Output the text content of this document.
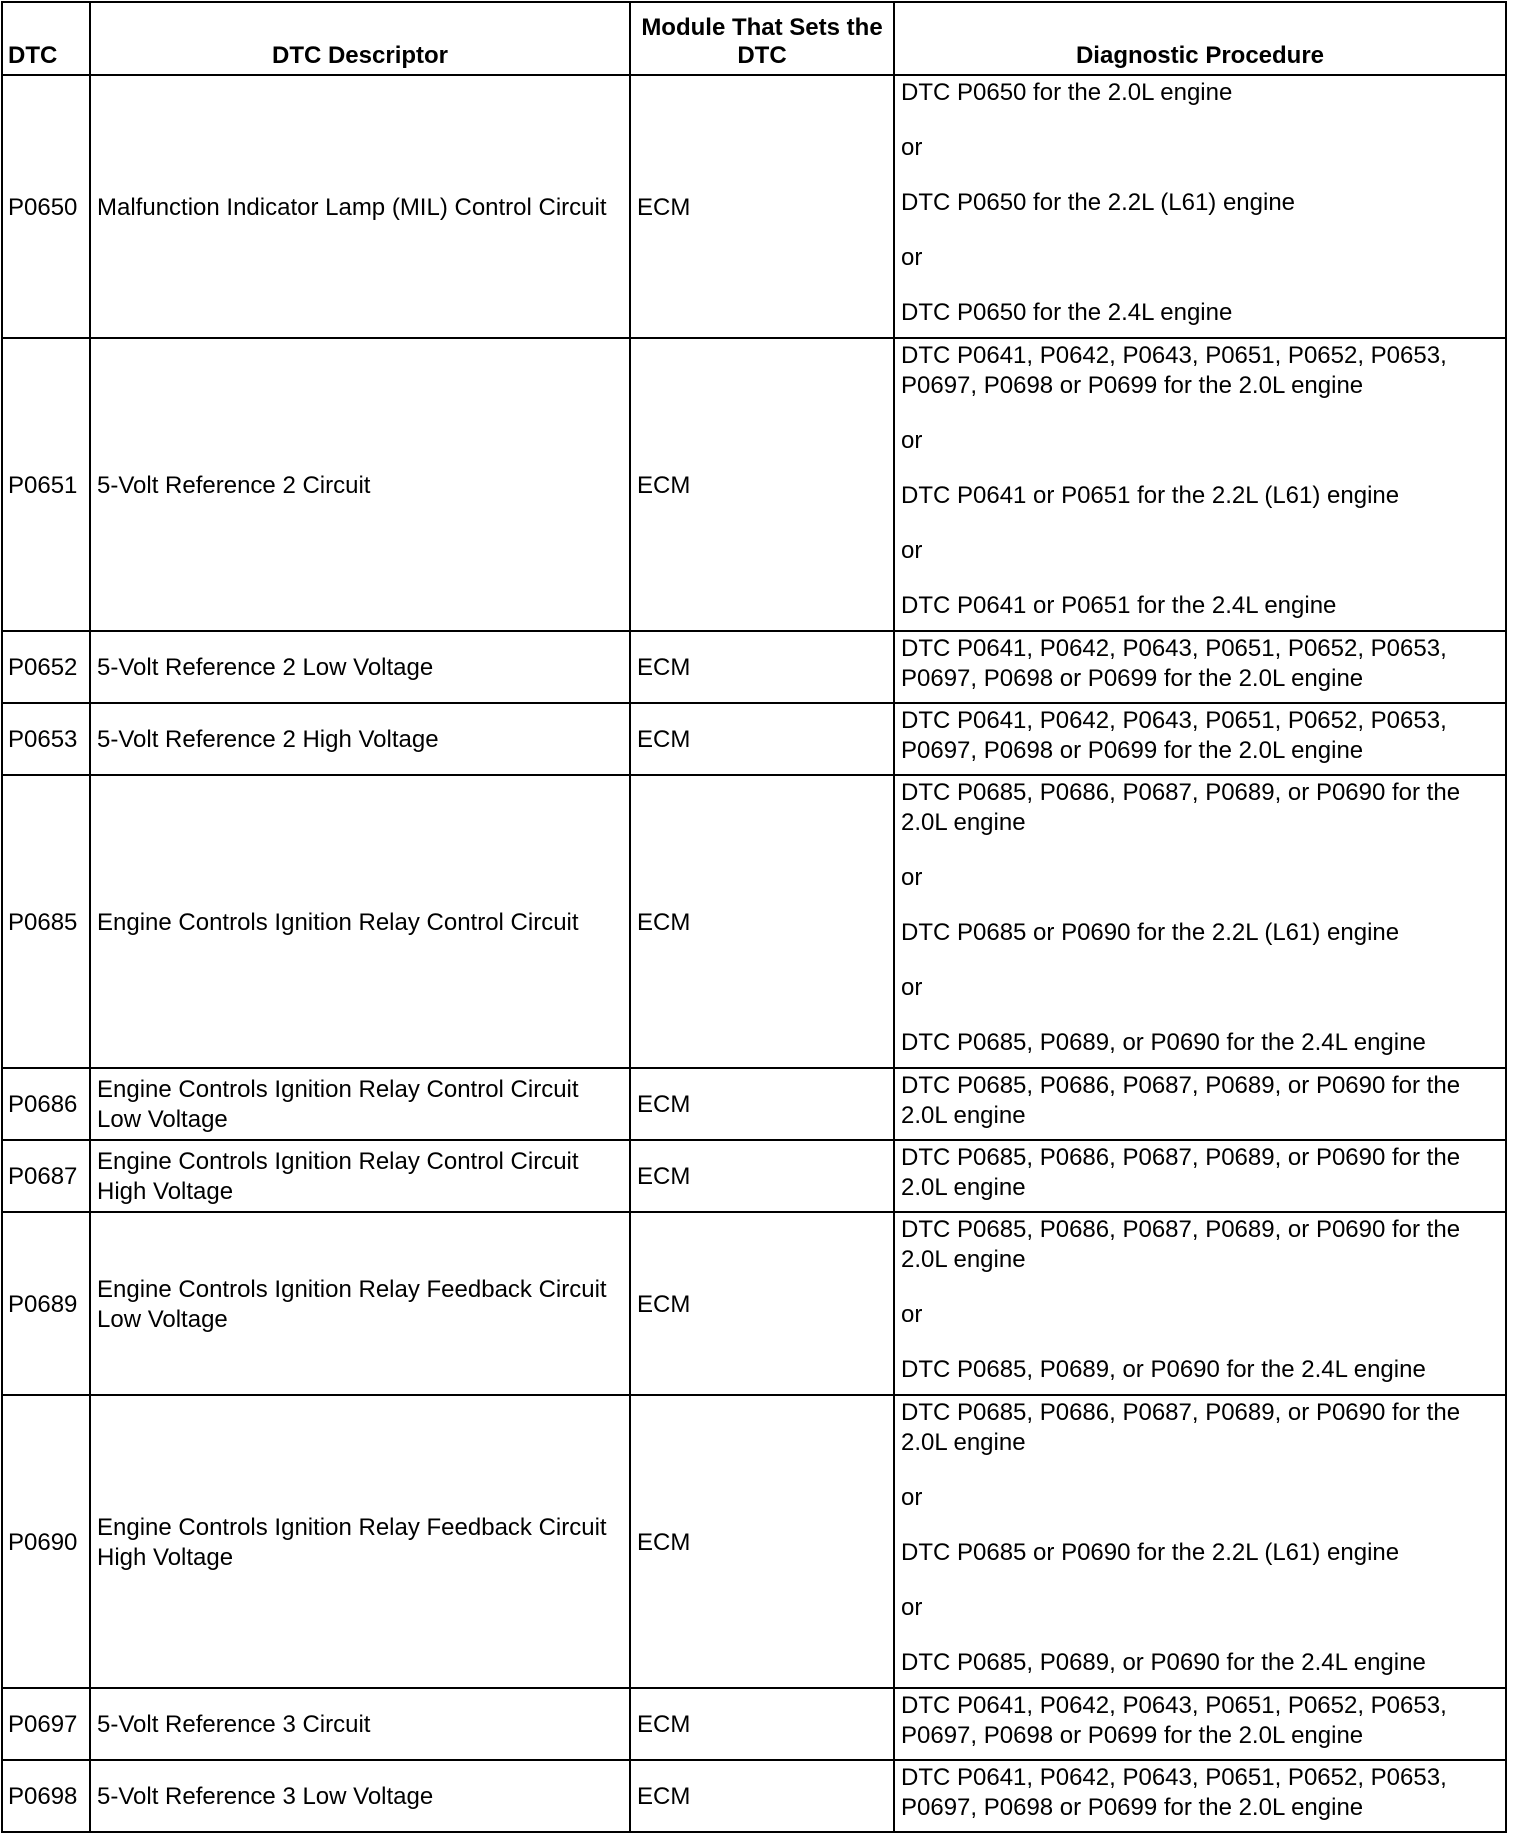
DTC	DTC Descriptor	Module That Sets the DTC	Diagnostic Procedure
P0650	Malfunction Indicator Lamp (MIL) Control Circuit	ECM	DTC P0650 for the 2.0L engine
or
DTC P0650 for the 2.2L (L61) engine
or
DTC P0650 for the 2.4L engine

P0651	5-Volt Reference 2 Circuit	ECM	DTC P0641, P0642, P0643, P0651, P0652, P0653, P0697, P0698 or P0699 for the 2.0L engine
or
DTC P0641 or P0651 for the 2.2L (L61) engine
or
DTC P0641 or P0651 for the 2.4L engine

P0652	5-Volt Reference 2 Low Voltage	ECM	DTC P0641, P0642, P0643, P0651, P0652, P0653, P0697, P0698 or P0699 for the 2.0L engine

P0653	5-Volt Reference 2 High Voltage	ECM	DTC P0641, P0642, P0643, P0651, P0652, P0653, P0697, P0698 or P0699 for the 2.0L engine

P0685	Engine Controls Ignition Relay Control Circuit	ECM	DTC P0685, P0686, P0687, P0689, or P0690 for the 2.0L engine
or
DTC P0685 or P0690 for the 2.2L (L61) engine
or
DTC P0685, P0689, or P0690 for the 2.4L engine

P0686	Engine Controls Ignition Relay Control Circuit Low Voltage	ECM	DTC P0685, P0686, P0687, P0689, or P0690 for the 2.0L engine

P0687	Engine Controls Ignition Relay Control Circuit High Voltage	ECM	DTC P0685, P0686, P0687, P0689, or P0690 for the 2.0L engine

P0689	Engine Controls Ignition Relay Feedback Circuit Low Voltage	ECM	DTC P0685, P0686, P0687, P0689, or P0690 for the 2.0L engine
or
DTC P0685, P0689, or P0690 for the 2.4L engine

P0690	Engine Controls Ignition Relay Feedback Circuit High Voltage	ECM	DTC P0685, P0686, P0687, P0689, or P0690 for the 2.0L engine
or
DTC P0685 or P0690 for the 2.2L (L61) engine
or
DTC P0685, P0689, or P0690 for the 2.4L engine

P0697	5-Volt Reference 3 Circuit	ECM	DTC P0641, P0642, P0643, P0651, P0652, P0653, P0697, P0698 or P0699 for the 2.0L engine

P0698	5-Volt Reference 3 Low Voltage	ECM	DTC P0641, P0642, P0643, P0651, P0652, P0653, P0697, P0698 or P0699 for the 2.0L engine
